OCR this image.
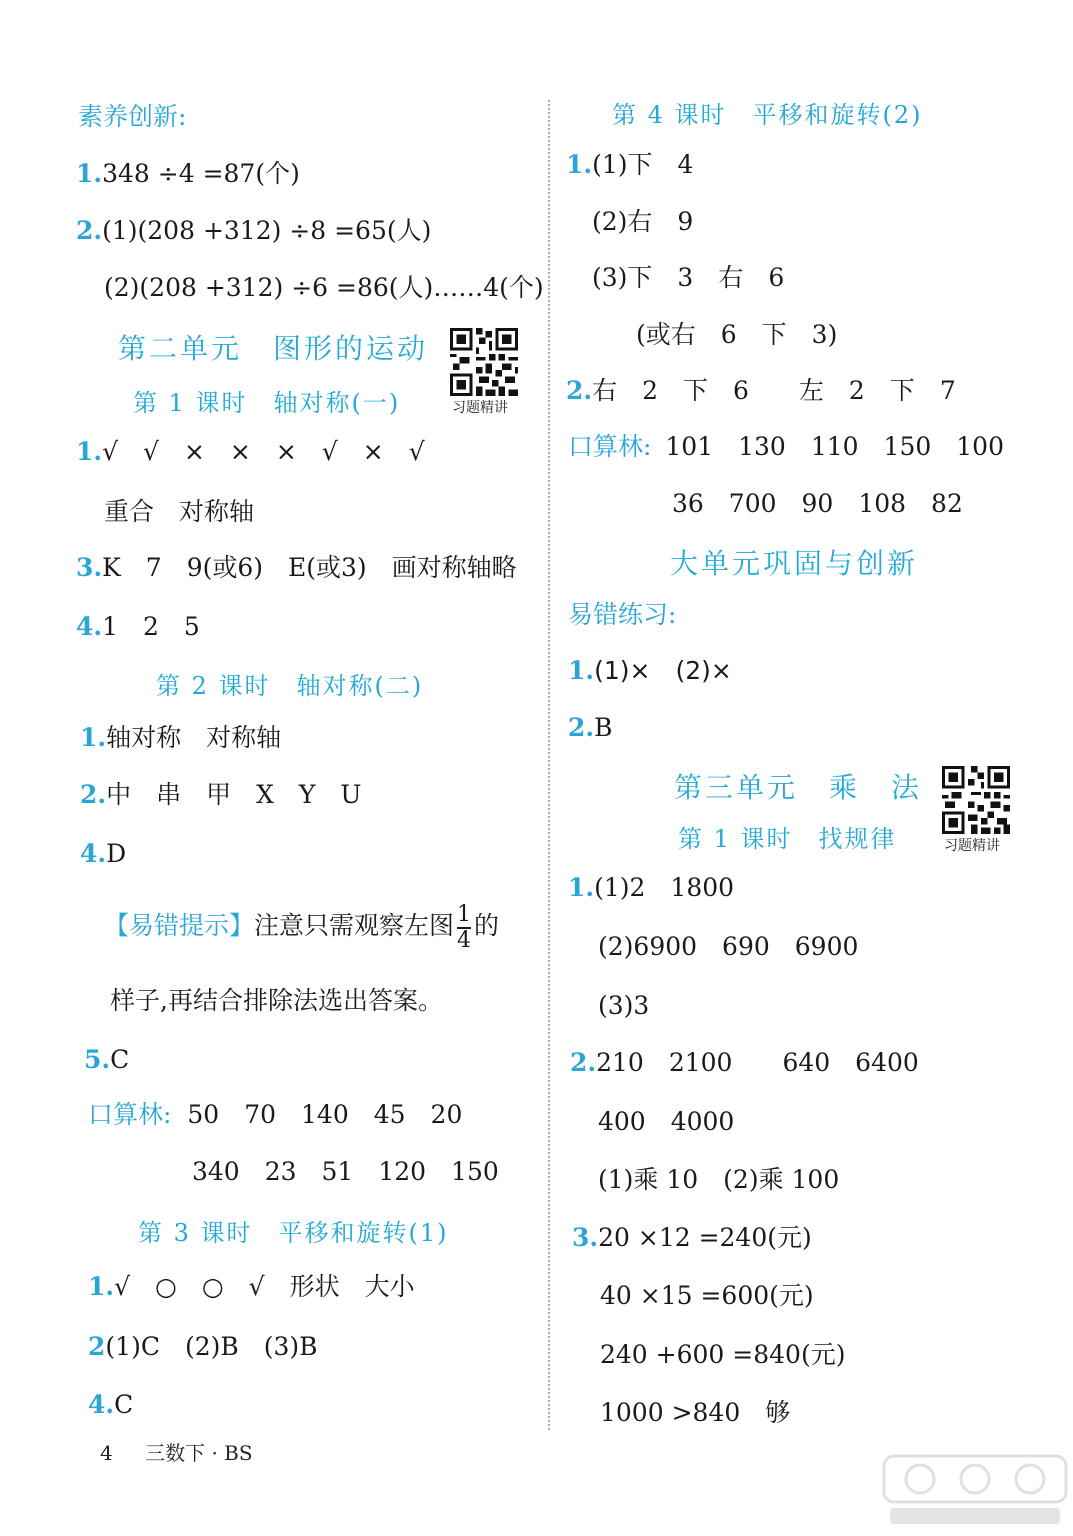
素养创新:
1.348 ÷4 =87(个)
2.(1)(208 +312) ÷8 =65(人)
(2)(208 +312) ÷6 =86(人)……4(个)
第二单元　图形的运动
习题精讲
第 1 课时　轴对称(一)
1.√　√　×　×　×　√　×　√
重合　对称轴
3.K　7　9(或6)　E(或3)　画对称轴略
4.1　2　5
第 2 课时　轴对称(二)
1.轴对称　对称轴
2.中　串　甲　X　Y　U
4.D
【易错提示】注意只需观察左图 $\frac{1}{4}$ 的
样子,再结合排除法选出答案。
5.C
口算林: 50　70　140　45　20
340　23　51　120　150
第 3 课时　平移和旋转(1)
1.√　○　○　√　形状　大小
2(1)C　(2)B　(3)B
4.C
第 4 课时　平移和旋转(2)
1.(1)下　4
(2)右　9
(3)下　3　右　6
(或右　6　下　3)
2.右　2　下　6　　左　2　下　7
口算林: 101　130　110　150　100
36　700　90　108　82
大单元巩固与创新
易错练习:
1.(1)×　(2)×
2.B
第三单元　乘　法
习题精讲
第 1 课时　找规律
1.(1)2　1800
(2)6900　690　6900
(3)3
2.210　2100　　640　6400
400　4000
(1)乘 10　(2)乘 100
3.20 ×12 =240(元)
40 ×15 =600(元)
240 +600 =840(元)
1000 >840　够
4 三数下 · BS
